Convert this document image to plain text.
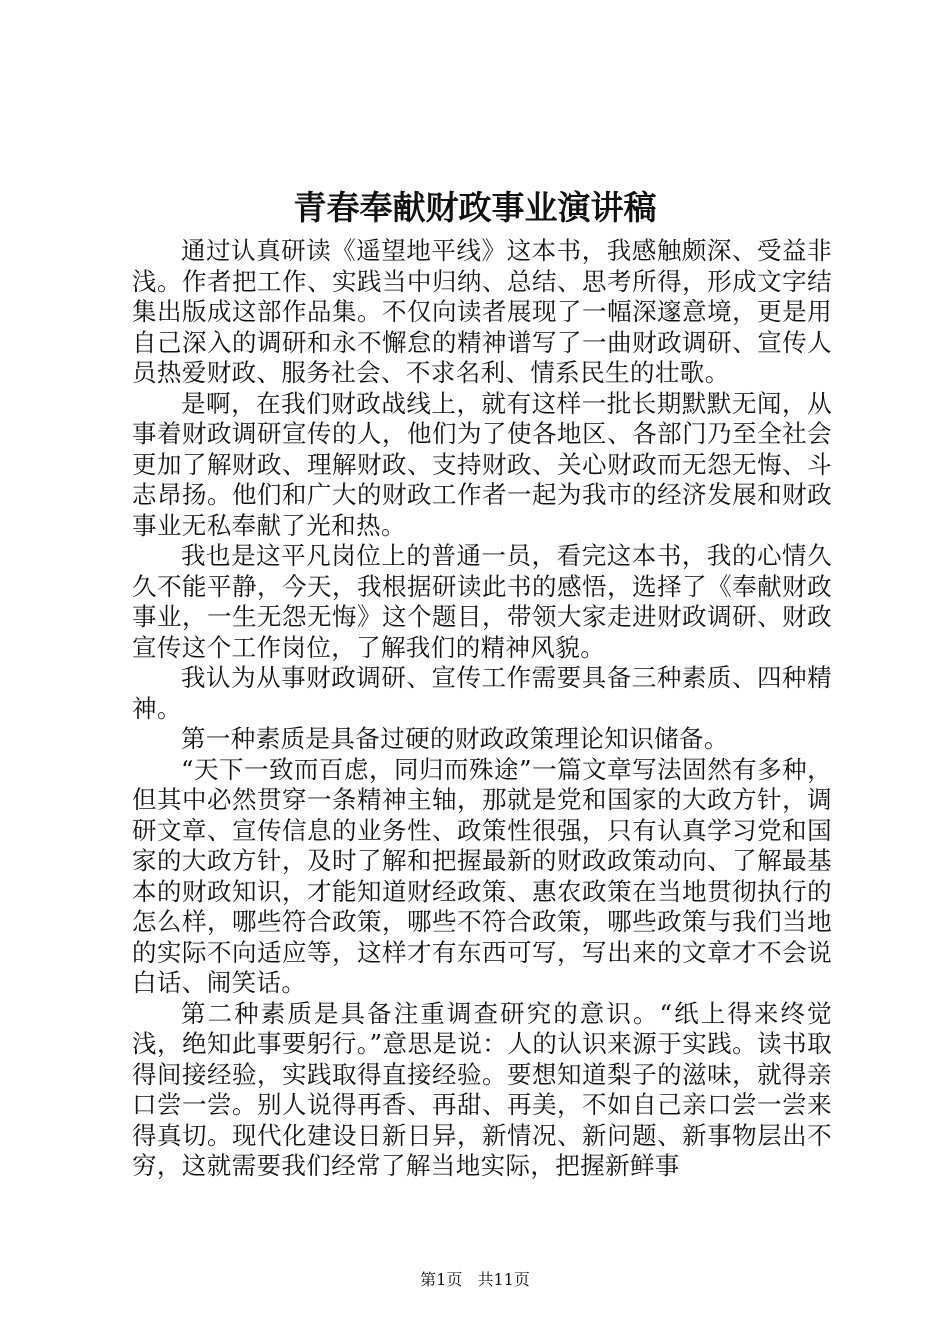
青春奉献财政事业演讲稿

通过认真研读《遥望地平线》这本书，我感触颇深、受益非浅。作者把工作、实践当中归纳、总结、思考所得，形成文字结集出版成这部作品集。不仅向读者展现了一幅深邃意境，更是用自己深入的调研和永不懈怠的精神谱写了一曲财政调研、宣传人员热爱财政、服务社会、不求名利、情系民生的壮歌。

是啊，在我们财政战线上，就有这样一批长期默默无闻，从事着财政调研宣传的人，他们为了使各地区、各部门乃至全社会更加了解财政、理解财政、支持财政、关心财政而无怨无悔、斗志昂扬。他们和广大的财政工作者一起为我市的经济发展和财政事业无私奉献了光和热。

我也是这平凡岗位上的普通一员，看完这本书，我的心情久久不能平静，今天，我根据研读此书的感悟，选择了《奉献财政事业，一生无怨无悔》这个题目，带领大家走进财政调研、财政宣传这个工作岗位，了解我们的精神风貌。

我认为从事财政调研、宣传工作需要具备三种素质、四种精神。

第一种素质是具备过硬的财政政策理论知识储备。

“天下一致而百虑，同归而殊途”一篇文章写法固然有多种，但其中必然贯穿一条精神主轴，那就是党和国家的大政方针，调研文章、宣传信息的业务性、政策性很强，只有认真学习党和国家的大政方针，及时了解和把握最新的财政政策动向、了解最基本的财政知识，才能知道财经政策、惠农政策在当地贯彻执行的怎么样，哪些符合政策，哪些不符合政策，哪些政策与我们当地的实际不向适应等，这样才有东西可写，写出来的文章才不会说白话、闹笑话。

第二种素质是具备注重调查研究的意识。“纸上得来终觉浅，绝知此事要躬行。”意思是说：人的认识来源于实践。读书取得间接经验，实践取得直接经验。要想知道梨子的滋味，就得亲口尝一尝。别人说得再香、再甜、再美，不如自己亲口尝一尝来得真切。现代化建设日新日异，新情况、新问题、新事物层出不穷，这就需要我们经常了解当地实际，把握新鲜事

第1页 共11页
